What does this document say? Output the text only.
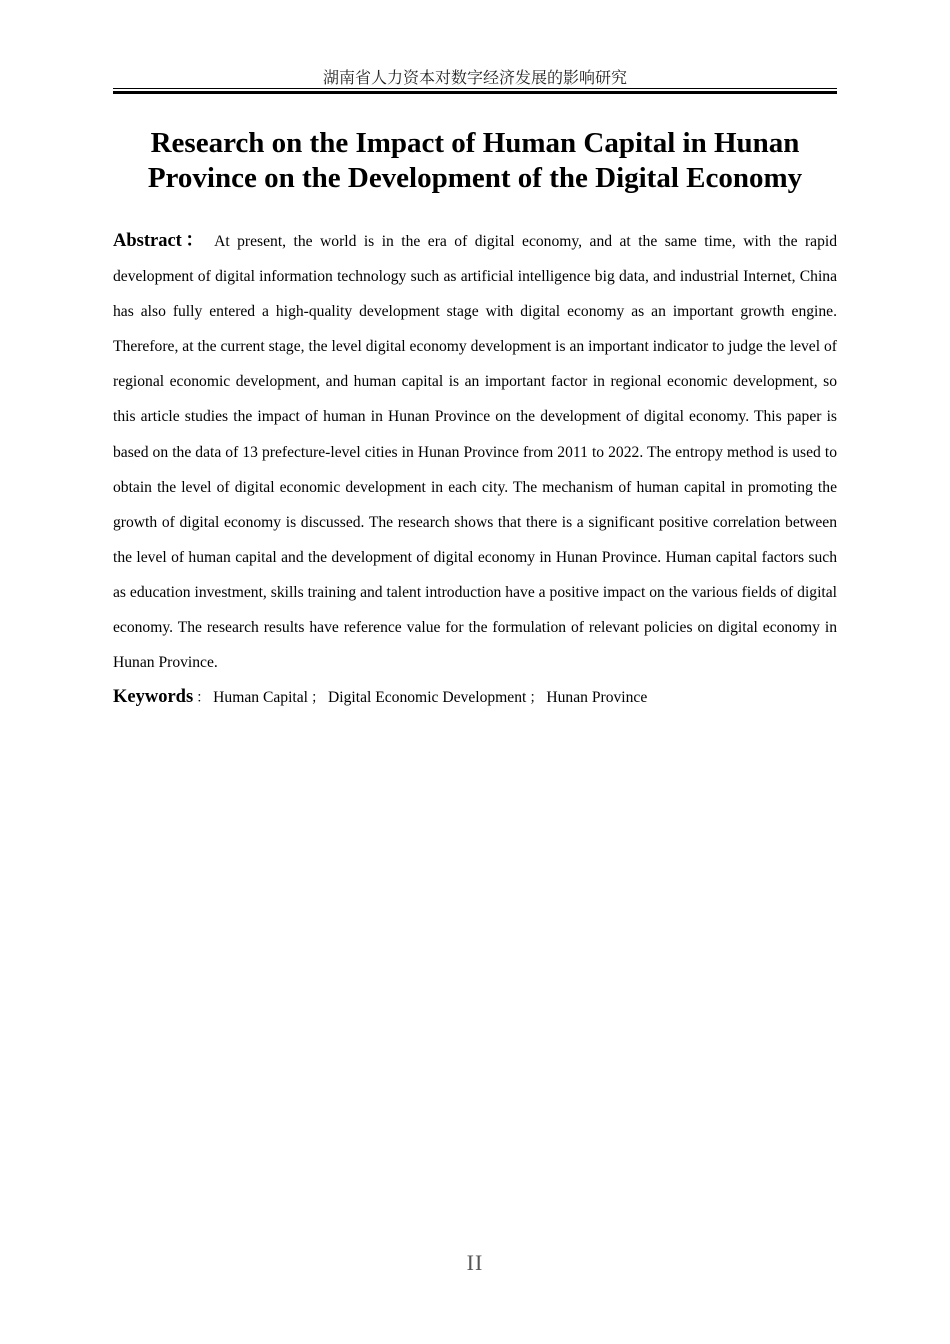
湖南省人力资本对数字经济发展的影响研究
Research on the Impact of Human Capital in Hunan
Province on the Development of the Digital Economy

Abstract： At present, the world is in the era of digital economy, and at the same time, with the rapid development of digital information technology such as artificial intelligence big data, and industrial Internet, China has also fully entered a high-quality development stage with digital economy as an important growth engine. Therefore, at the current stage, the level digital economy development is an important indicator to judge the level of regional economic development, and human capital is an important factor in regional economic development, so this article studies the impact of human in Hunan Province on the development of digital economy. This paper is based on the data of 13 prefecture-level cities in Hunan Province from 2011 to 2022. The entropy method is used to obtain the level of digital economic development in each city. The mechanism of human capital in promoting the growth of digital economy is discussed. The research shows that there is a significant positive correlation between the level of human capital and the development of digital economy in Hunan Province. Human capital factors such as education investment, skills training and talent introduction have a positive impact on the various fields of digital economy. The research results have reference value for the formulation of relevant policies on digital economy in Hunan Province.

Keywords ： Human Capital ； Digital Economic Development ； Hunan Province

II
